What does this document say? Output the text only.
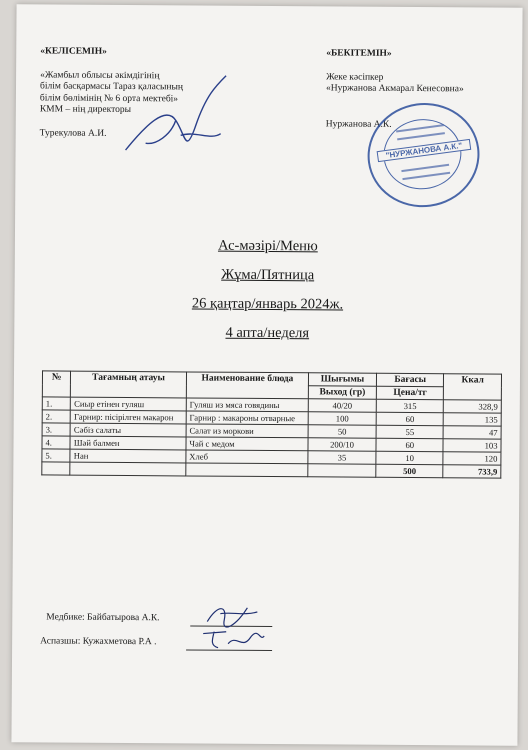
«КЕЛІСЕМІН»
«Жамбыл облысы әкімдігінің
білім басқармасы Тараз қаласының
білім бөлімінің № 6 орта мектебі»
КММ – нің директоры
Турекулова А.И.
«БЕКІТЕМІН»
Жеке кәсіпкер
«Нуржанова Акмарал Кенесовна»
Нуржанова А.К.
"НУРЖАНОВА А.К."
Ас-мәзірі/Меню
Жұма/Пятница
26 қаңтар/январь 2024ж.
4 апта/неделя
№	Тағамның атауы	Наименование блюда	Шығымы	Бағасы	Ккал
			Выход (гр)	Цена/тг	
1.	Сиыр етінен гуляш	Гуляш из мяса говядины	40/20	315	328,9
2.	Гарнир: пісірілген макарон	Гарнир : макароны отварные	100	60	135
3.	Сәбіз салаты	Салат из моркови	50	55	47
4.	Шәй балмен	Чай с медом	200/10	60	103
5.	Нан	Хлеб	35	10	120
				500	733,9
Медбике: Байбатырова А.К.
Аспазшы: Кужахметова Р.А .
